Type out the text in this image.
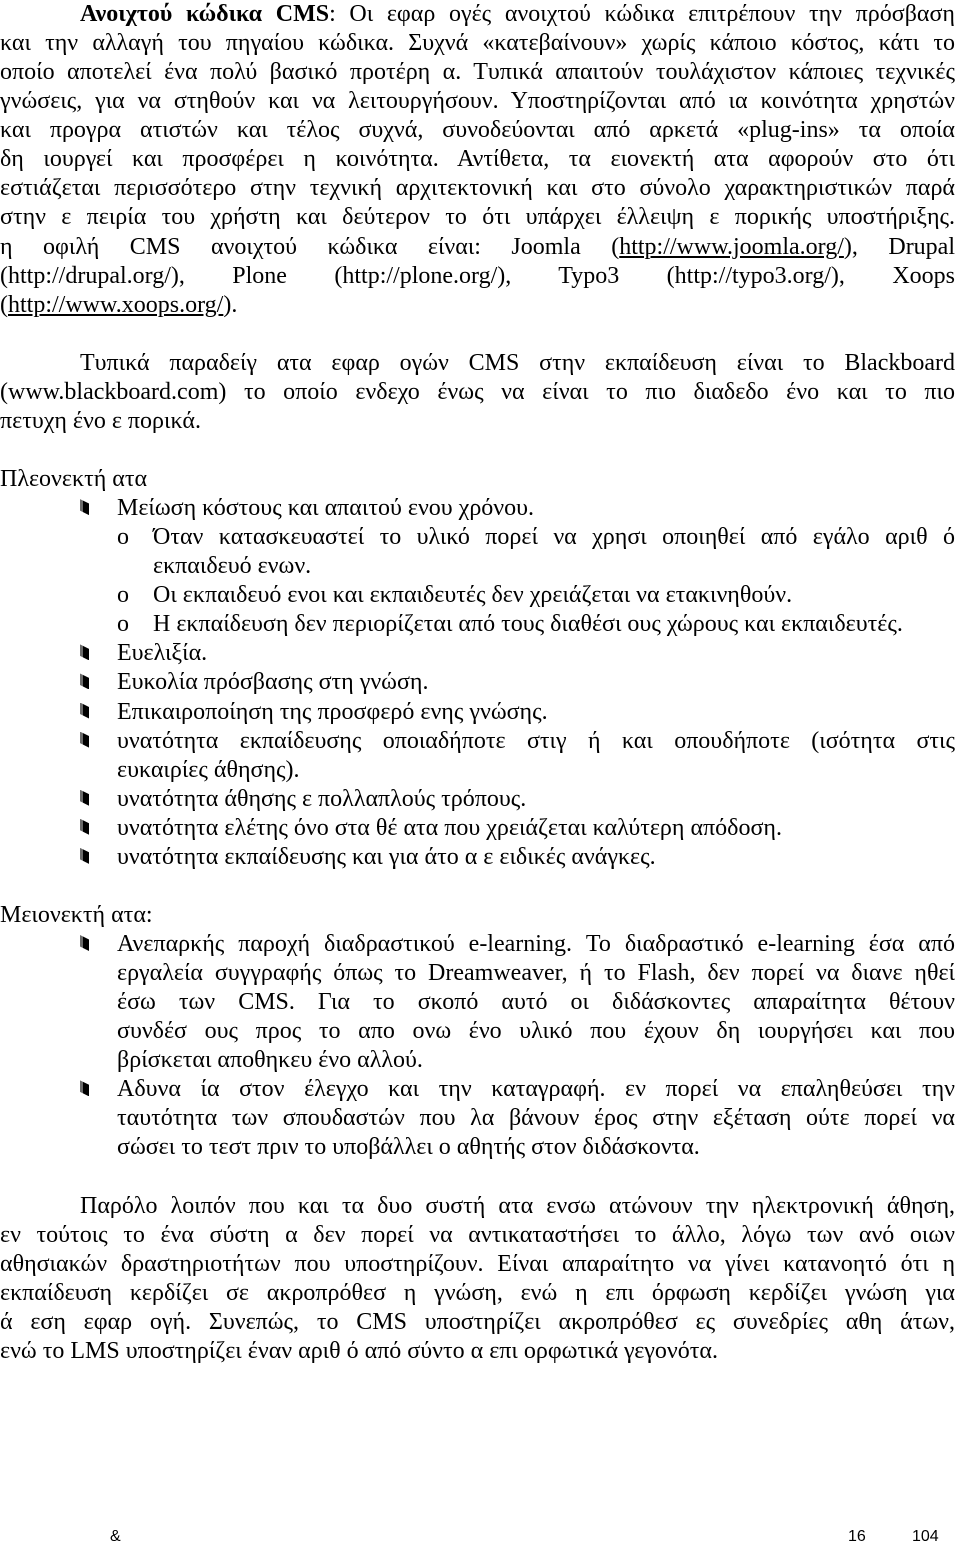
Ανοιχτού κώδικα CMS: Οι εφαρ ογές ανοιχτού κώδικα επιτρέπουν την πρόσβαση
και την αλλαγή του πηγαίου κώδικα. Συχνά «κατεβαίνουν» χωρίς κάποιο κόστος, κάτι το
οποίο αποτελεί ένα πολύ βασικό προτέρη α. Τυπικά απαιτούν τουλάχιστον κάποιες τεχνικές
γνώσεις, για να στηθούν και να λειτουργήσουν. Υποστηρίζονται από ια κοινότητα χρηστών
και προγρα ατιστών και τέλος συχνά, συνοδεύονται από αρκετά «plug-ins» τα οποία
δη ιουργεί και προσφέρει η κοινότητα. Αντίθετα, τα ειονεκτή ατα αφορούν στο ότι
εστιάζεται περισσότερο στην τεχνική αρχιτεκτονική και στο σύνολο χαρακτηριστικών παρά
στην ε πειρία του χρήστη και δεύτερον το ότι υπάρχει έλλειψη ε πορικής υποστήριξης.
η οφιλή CMS ανοιχτού κώδικα είναι: Joomla (http://www.joomla.org/), Drupal
(http://drupal.org/), Plone (http://plone.org/), Typo3 (http://typo3.org/), Xoops
(http://www.xoops.org/).
Τυπικά παραδείγ ατα εφαρ ογών CMS στην εκπαίδευση είναι το Blackboard
(www.blackboard.com) το οποίο ενδεχο ένως να είναι το πιο διαδεδο ένο και το πιο
πετυχη ένο ε πορικά.
Πλεονεκτή ατα
Μείωση κόστους και απαιτού ενου χρόνου.
o Όταν κατασκευαστεί το υλικό πορεί να χρησι οποιηθεί από εγάλο αριθ ό
εκπαιδευό ενων.
o Οι εκπαιδευό ενοι και εκπαιδευτές δεν χρειάζεται να ετακινηθούν.
o Η εκπαίδευση δεν περιορίζεται από τους διαθέσι ους χώρους και εκπαιδευτές.
Ευελιξία.
Ευκολία πρόσβασης στη γνώση.
Επικαιροποίηση της προσφερό ενης γνώσης.
υνατότητα εκπαίδευσης οποιαδήποτε στιγ ή και οπουδήποτε (ισότητα στις
ευκαιρίες άθησης).
υνατότητα άθησης ε πολλαπλούς τρόπους.
υνατότητα ελέτης όνο στα θέ ατα που χρειάζεται καλύτερη απόδοση.
υνατότητα εκπαίδευσης και για άτο α ε ειδικές ανάγκες.
Μειονεκτή ατα:
Ανεπαρκής παροχή διαδραστικού e-learning. Το διαδραστικό e-learning έσα από
εργαλεία συγγραφής όπως το Dreamweaver, ή το Flash, δεν πορεί να διανε ηθεί
έσω των CMS. Για το σκοπό αυτό οι διδάσκοντες απαραίτητα θέτουν
συνδέσ ους προς το απο ονω ένο υλικό που έχουν δη ιουργήσει και που
βρίσκεται αποθηκευ ένο αλλού.
Αδυνα ία στον έλεγχο και την καταγραφή. εν πορεί να επαληθεύσει την
ταυτότητα των σπουδαστών που λα βάνουν έρος στην εξέταση ούτε πορεί να
σώσει το τεστ πριν το υποβάλλει ο αθητής στον διδάσκοντα.
Παρόλο λοιπόν που και τα δυο συστή ατα ενσω ατώνουν την ηλεκτρονική άθηση,
εν τούτοις το ένα σύστη α δεν πορεί να αντικαταστήσει το άλλο, λόγω των ανό οιων
αθησιακών δραστηριοτήτων που υποστηρίζουν. Είναι απαραίτητο να γίνει κατανοητό ότι η
εκπαίδευση κερδίζει σε ακροπρόθεσ η γνώση, ενώ η επι όρφωση κερδίζει γνώση για
ά εση εφαρ ογή. Συνεπώς, το CMS υποστηρίζει ακροπρόθεσ ες συνεδρίες αθη άτων,
ενώ το LMS υποστηρίζει έναν αριθ ό από σύντο α επι ορφωτικά γεγονότα.
&	16	104
